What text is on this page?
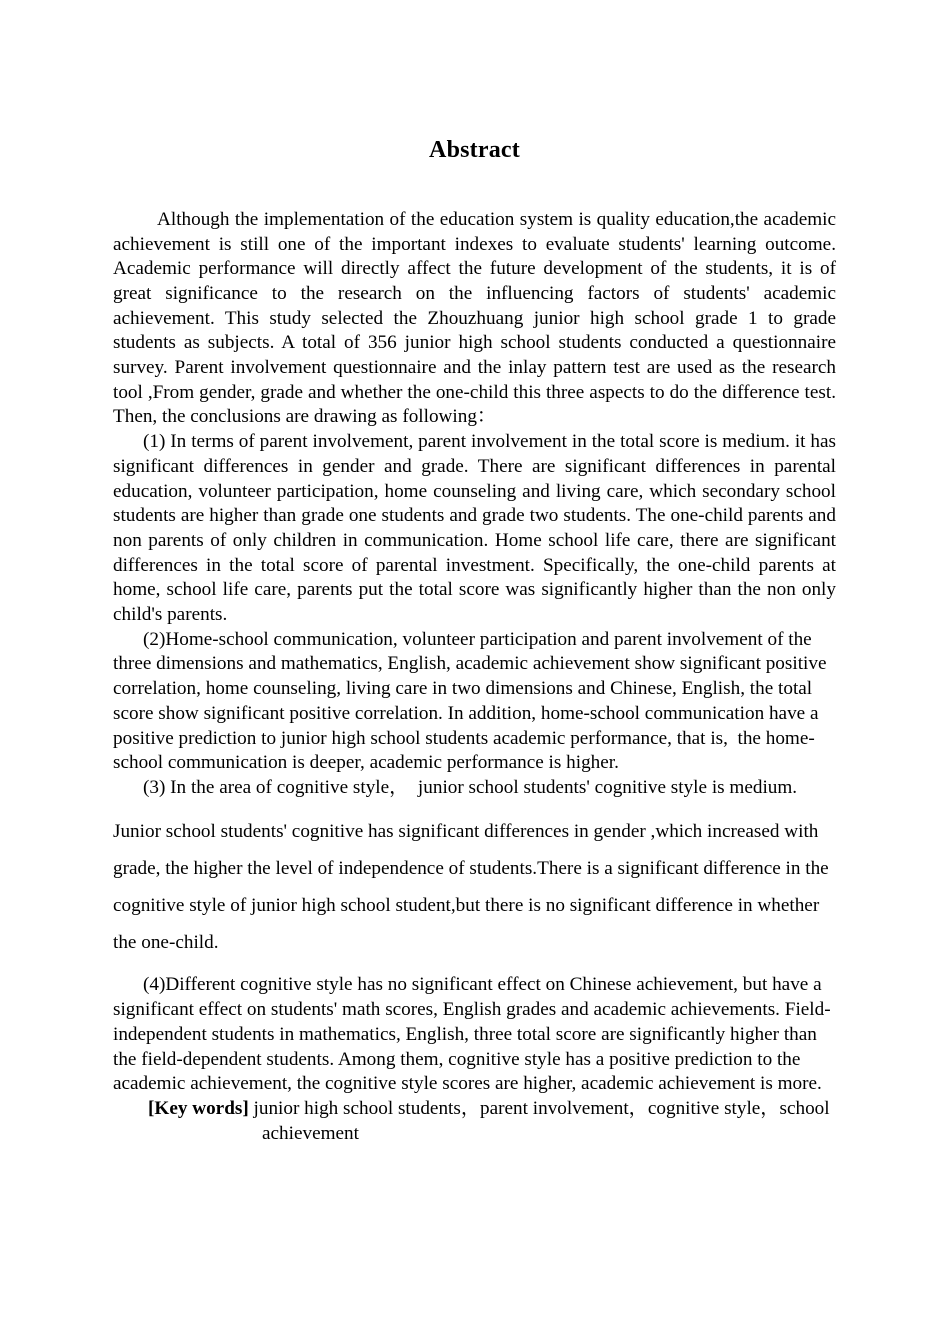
Abstract

Although the implementation of the education system is quality education,the academic achievement is still one of the important indexes to evaluate students' learning outcome. Academic performance will directly affect the future development of the students, it is of great significance to the research on the influencing factors of students' academic achievement. This study selected the Zhouzhuang junior high school grade 1 to grade students as subjects. A total of 356 junior high school students conducted a questionnaire survey. Parent involvement questionnaire and the inlay pattern test are used as the research tool ,From gender, grade and whether the one-child this three aspects to do the difference test. Then, the conclusions are drawing as following：

(1) In terms of parent involvement, parent involvement in the total score is medium. it has significant differences in gender and grade. There are significant differences in parental education, volunteer participation, home counseling and living care, which secondary school students are higher than grade one students and grade two students. The one-child parents and non parents of only children in communication. Home school life care, there are significant differences in the total score of parental investment. Specifically, the one-child parents at home, school life care, parents put the total score was significantly higher than the non only child's parents.

(2)Home-school communication, volunteer participation and parent involvement of the three dimensions and mathematics, English, academic achievement show significant positive correlation, home counseling, living care in two dimensions and Chinese, English, the total score show significant positive correlation. In addition, home-school communication have a positive prediction to junior high school students academic performance, that is,  the home- school communication is deeper, academic performance is higher.

(3) In the area of cognitive style，  junior school students' cognitive style is medium.

Junior school students' cognitive has significant differences in gender ,which increased with grade, the higher the level of independence of students.There is a significant difference in the cognitive style of junior high school student,but there is no significant difference in whether the one-child.

(4)Different cognitive style has no significant effect on Chinese achievement, but have a significant effect on students' math scores, English grades and academic achievements. Field-independent students in mathematics, English, three total score are significantly higher than the field-dependent students. Among them, cognitive style has a positive prediction to the academic achievement, the cognitive style scores are higher, academic achievement is more.

[Key words] junior high school students，parent involvement，cognitive style，school
achievement
